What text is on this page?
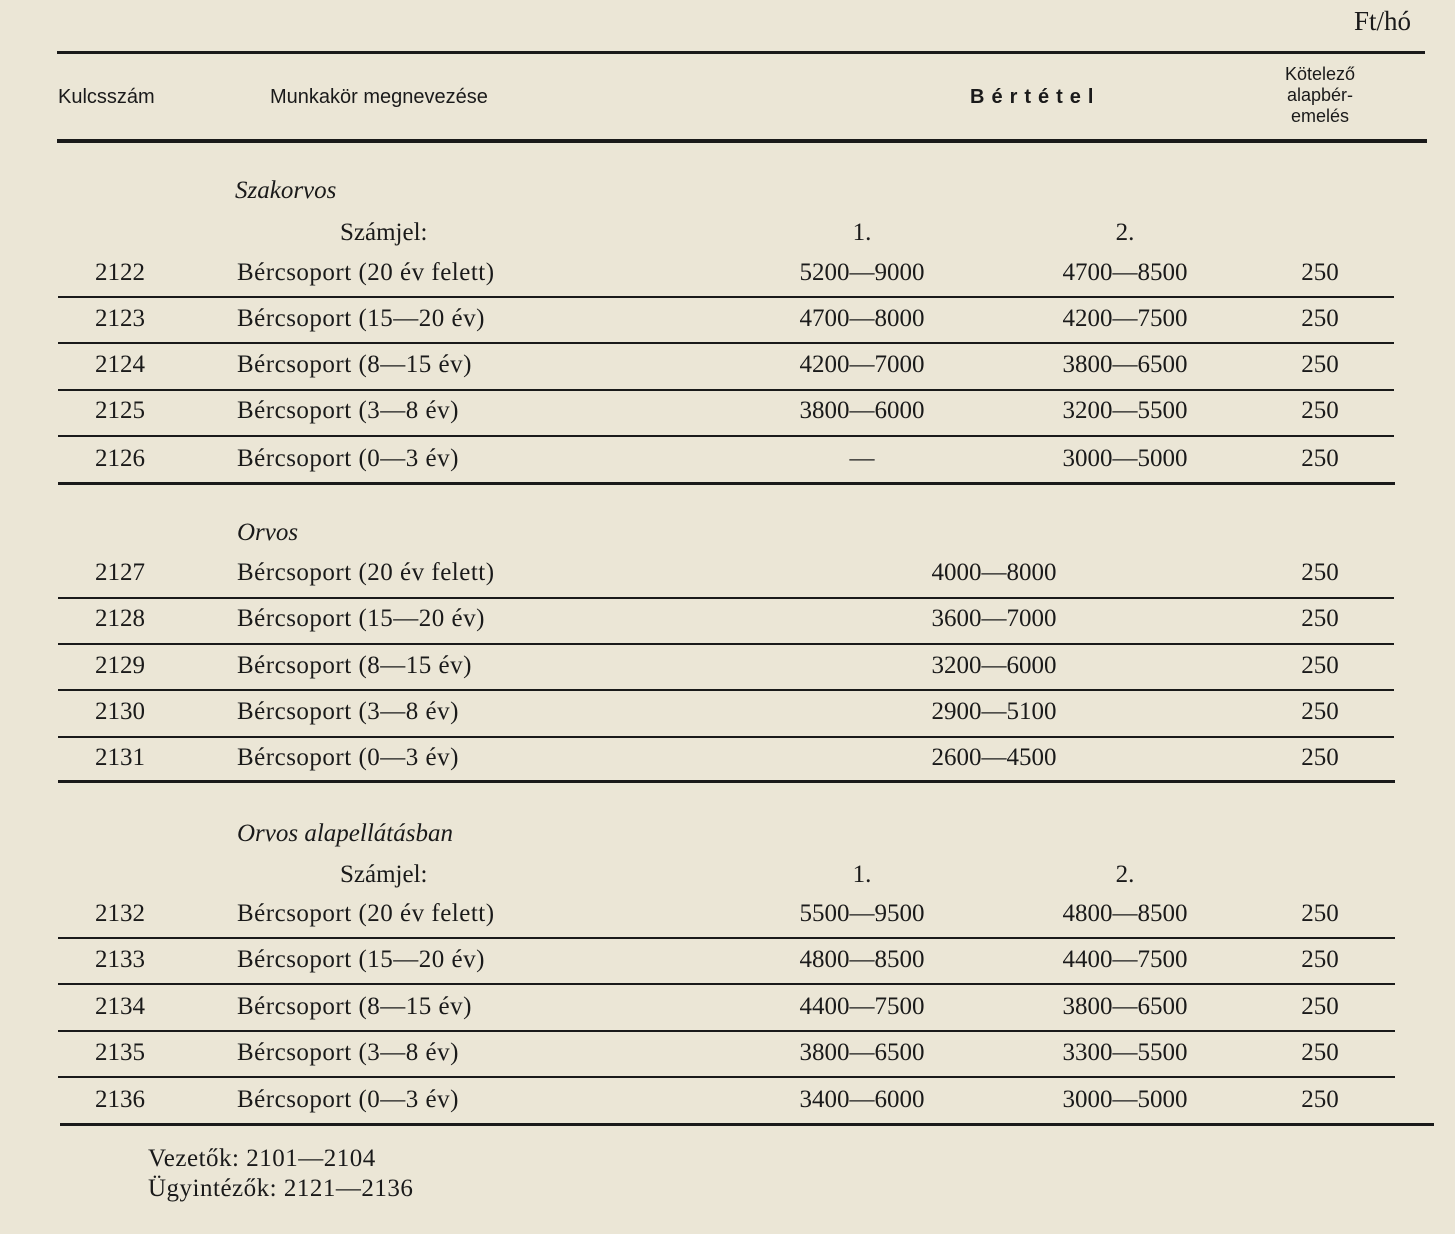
Ft/hó
Kulcsszám	Munkakör megnevezése	Bértétel
Kötelező
alapbér-
emelés
Szakorvos
Számjel:	1.	2.
2122	Bércsoport (20 év felett)	5200—9000	4700—8500	250
2123	Bércsoport (15—20 év)	4700—8000	4200—7500	250
2124	Bércsoport (8—15 év)	4200—7000	3800—6500	250
2125	Bércsoport (3—8 év)	3800—6000	3200—5500	250
2126	Bércsoport (0—3 év)	—	3000—5000	250
Orvos
2127	Bércsoport (20 év felett)	4000—8000	250
2128	Bércsoport (15—20 év)	3600—7000	250
2129	Bércsoport (8—15 év)	3200—6000	250
2130	Bércsoport (3—8 év)	2900—5100	250
2131	Bércsoport (0—3 év)	2600—4500	250
Orvos alapellátásban
Számjel:	1.	2.
2132	Bércsoport (20 év felett)	5500—9500	4800—8500	250
2133	Bércsoport (15—20 év)	4800—8500	4400—7500	250
2134	Bércsoport (8—15 év)	4400—7500	3800—6500	250
2135	Bércsoport (3—8 év)	3800—6500	3300—5500	250
2136	Bércsoport (0—3 év)	3400—6000	3000—5000	250
Vezetők: 2101—2104
Ügyintézők: 2121—2136
